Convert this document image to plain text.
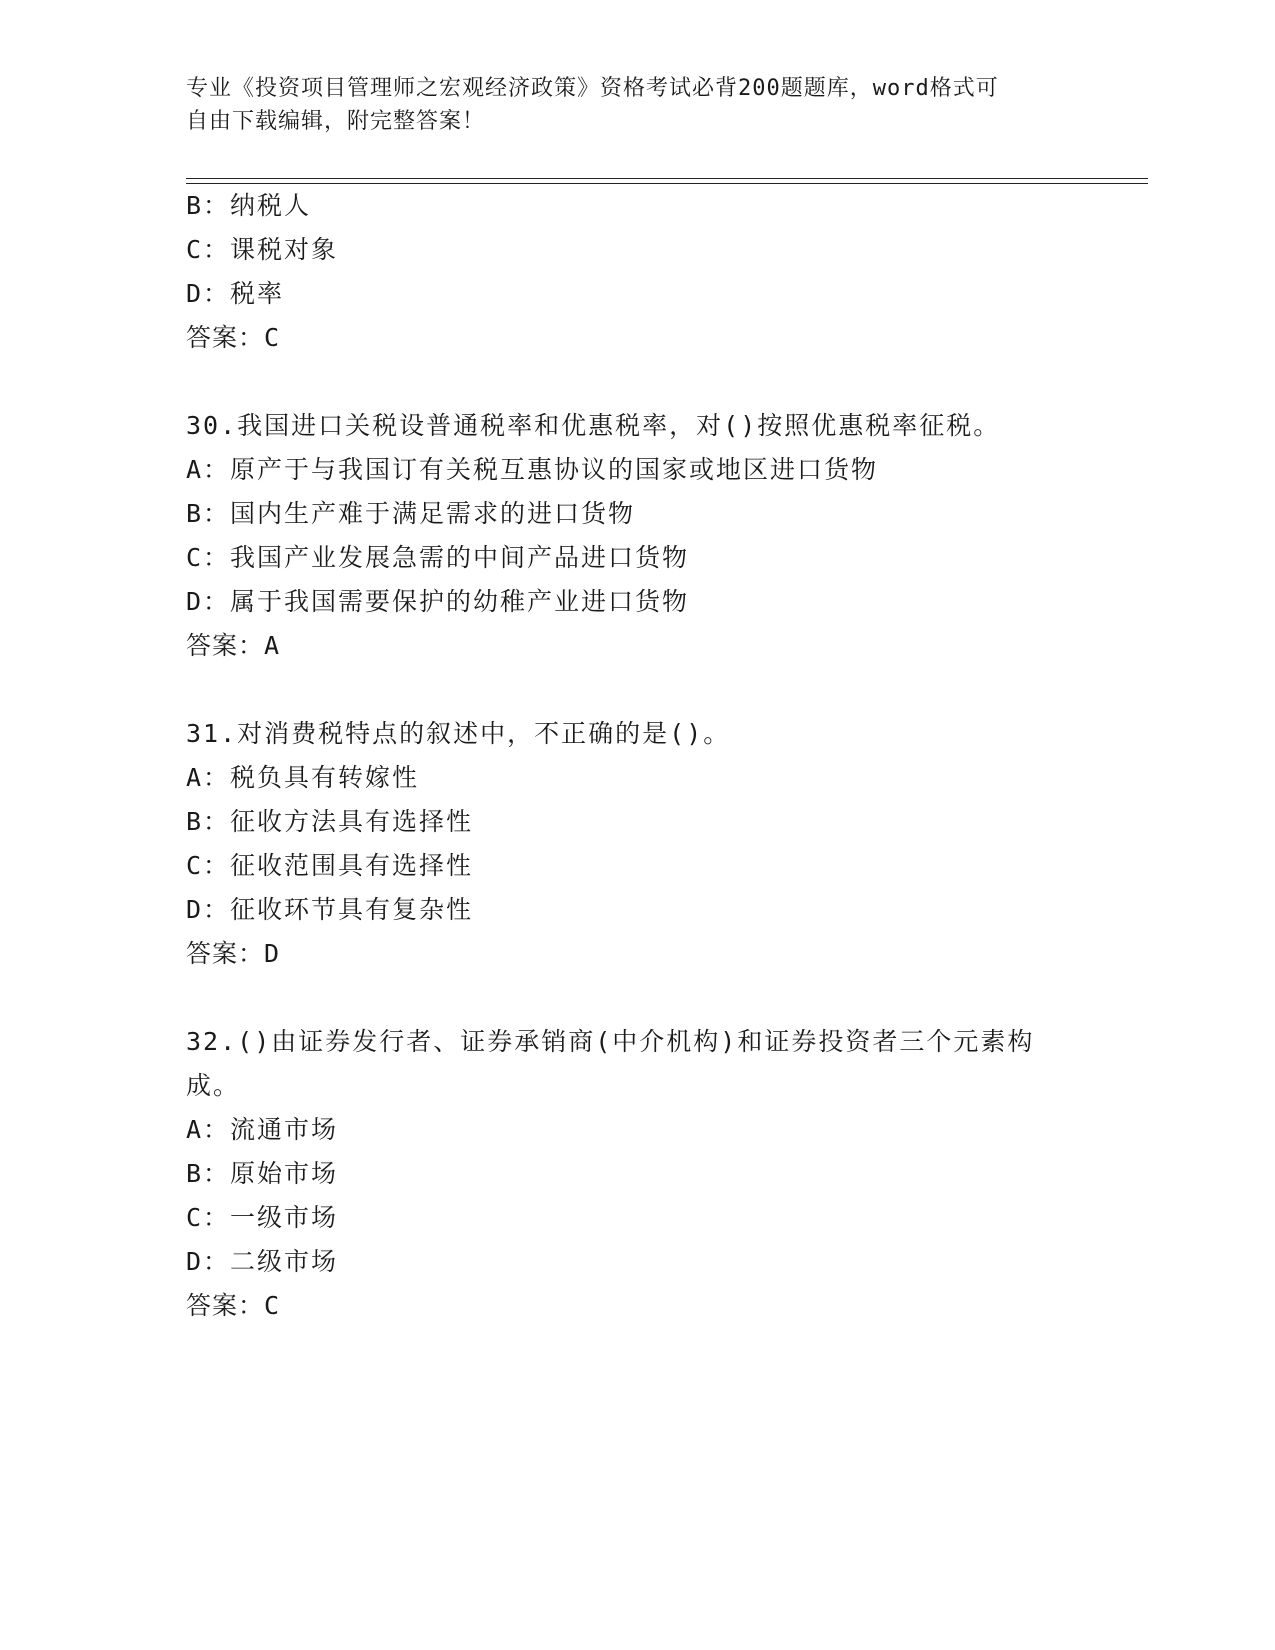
专业《投资项目管理师之宏观经济政策》资格考试必背200题题库，word格式可
自由下载编辑，附完整答案！
B：纳税人
C：课税对象
D：税率
答案：C
30.我国进口关税设普通税率和优惠税率，对()按照优惠税率征税。
A：原产于与我国订有关税互惠协议的国家或地区进口货物
B：国内生产难于满足需求的进口货物
C：我国产业发展急需的中间产品进口货物
D：属于我国需要保护的幼稚产业进口货物
答案：A
31.对消费税特点的叙述中，不正确的是()。
A：税负具有转嫁性
B：征收方法具有选择性
C：征收范围具有选择性
D：征收环节具有复杂性
答案：D
32.()由证券发行者、证券承销商(中介机构)和证券投资者三个元素构
成。
A：流通市场
B：原始市场
C：一级市场
D：二级市场
答案：C
